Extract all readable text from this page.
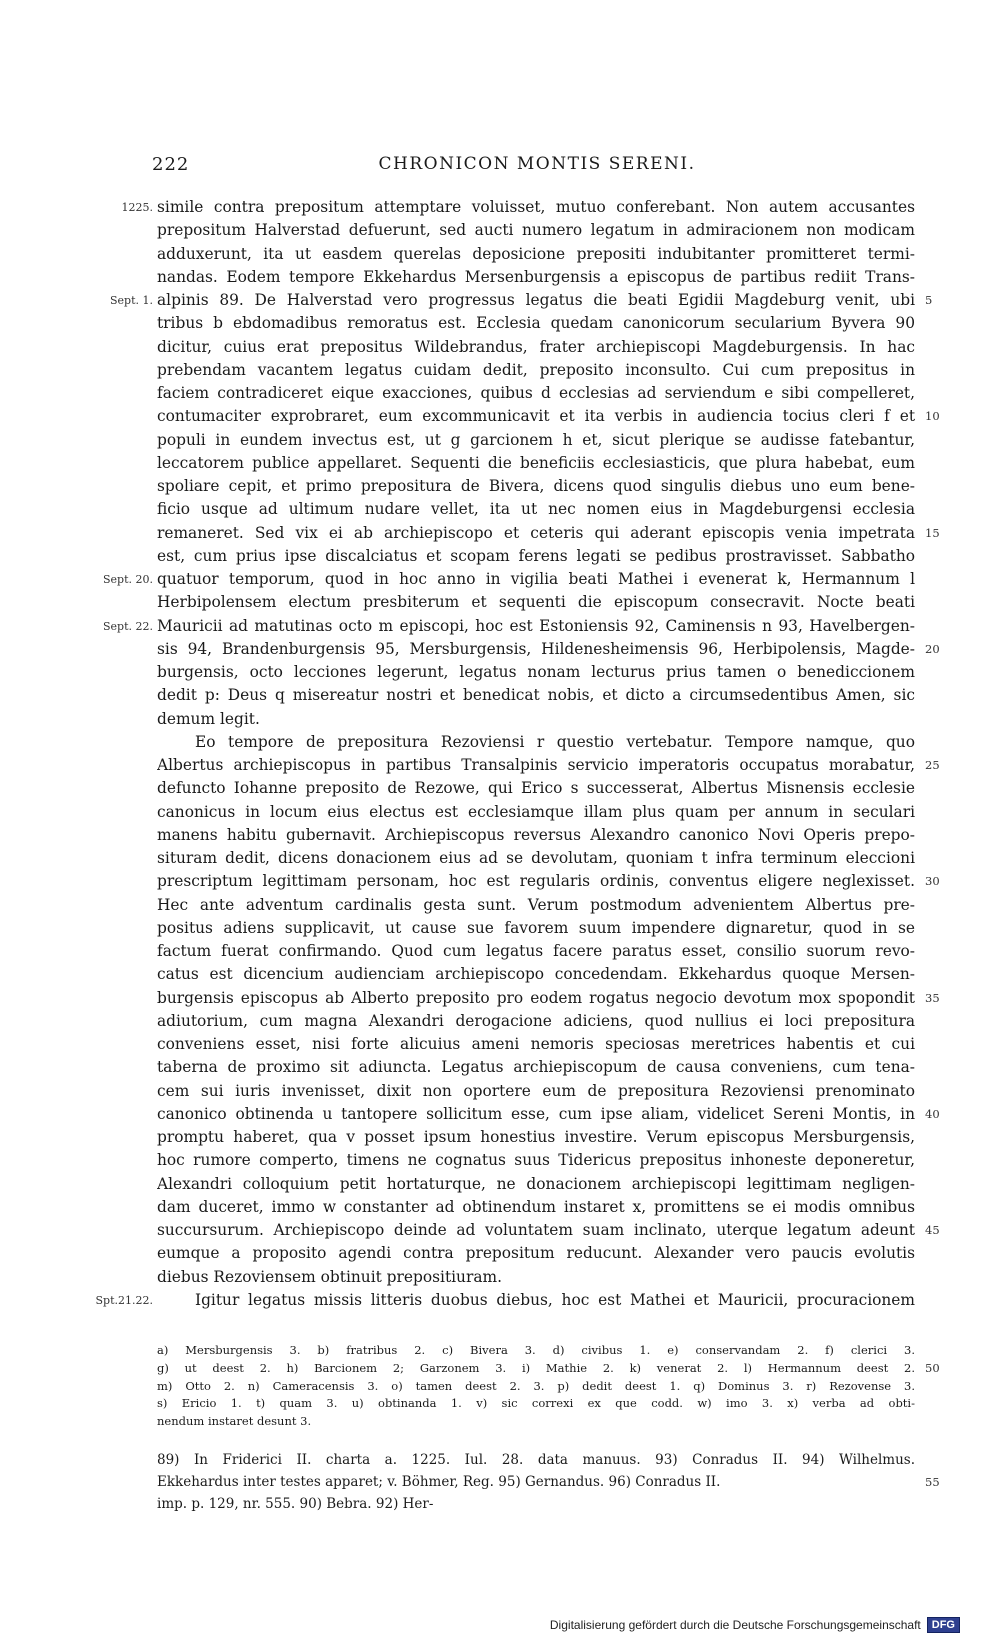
222	CHRONICON MONTIS SERENI.
simile contra prepositum attemptare voluisset, mutuo conferebant. Non autem accusantes
1225.
prepositum Halverstad defuerunt, sed aucti numero legatum in admiracionem non modicam
adduxerunt, ita ut easdem querelas deposicione prepositi indubitanter promitteret termi-
nandas. Eodem tempore Ekkehardus Mersenburgensis a episcopus de partibus rediit Trans-
alpinis 89. De Halverstad vero progressus legatus die beati Egidii Magdeburg venit, ubi
Sept. 1.	5
tribus b ebdomadibus remoratus est. Ecclesia quedam canonicorum secularium Byvera 90
dicitur, cuius erat prepositus Wildebrandus, frater archiepiscopi Magdeburgensis. In hac
prebendam vacantem legatus cuidam dedit, preposito inconsulto. Cui cum prepositus in
faciem contradiceret eique exacciones, quibus d ecclesias ad serviendum e sibi compelleret,
contumaciter exprobraret, eum excommunicavit et ita verbis in audiencia tocius cleri f et 10
populi in eundem invectus est, ut g garcionem h et, sicut plerique se audisse fatebantur,
leccatorem publice appellaret. Sequenti die beneficiis ecclesiasticis, que plura habebat, eum
spoliare cepit, et primo prepositura de Bivera, dicens quod singulis diebus uno eum bene-
ficio usque ad ultimum nudare vellet, ita ut nec nomen eius in Magdeburgensi ecclesia
remaneret. Sed vix ei ab archiepiscopo et ceteris qui aderant episcopis venia impetrata 15
est, cum prius ipse discalciatus et scopam ferens legati se pedibus prostravisset. Sabbatho
quatuor temporum, quod in hoc anno in vigilia beati Mathei i evenerat k, Hermannum l
Sept. 20.
Herbipolensem electum presbiterum et sequenti die episcopum consecravit. Nocte beati
Mauricii ad matutinas octo m episcopi, hoc est Estoniensis 92, Caminensis n 93, Havelbergen-
Sept. 22.
sis 94, Brandenburgensis 95, Mersburgensis, Hildenesheimensis 96, Herbipolensis, Magde- 20
burgensis, octo lecciones legerunt, legatus nonam lecturus prius tamen o benediccionem
dedit p: Deus q misereatur nostri et benedicat nobis, et dicto a circumsedentibus Amen, sic
demum legit.
Eo tempore de prepositura Rezoviensi r questio vertebatur. Tempore namque, quo
Albertus archiepiscopus in partibus Transalpinis servicio imperatoris occupatus morabatur, 25
defuncto Iohanne preposito de Rezowe, qui Erico s successerat, Albertus Misnensis ecclesie
canonicus in locum eius electus est ecclesiamque illam plus quam per annum in seculari
manens habitu gubernavit. Archiepiscopus reversus Alexandro canonico Novi Operis prepo-
situram dedit, dicens donacionem eius ad se devolutam, quoniam t infra terminum eleccioni
prescriptum legittimam personam, hoc est regularis ordinis, conventus eligere neglexisset. 30
Hec ante adventum cardinalis gesta sunt. Verum postmodum advenientem Albertus pre-
positus adiens supplicavit, ut cause sue favorem suum impendere dignaretur, quod in se
factum fuerat confirmando. Quod cum legatus facere paratus esset, consilio suorum revo-
catus est dicencium audienciam archiepiscopo concedendam. Ekkehardus quoque Mersen-
burgensis episcopus ab Alberto preposito pro eodem rogatus negocio devotum mox spopondit 35
adiutorium, cum magna Alexandri derogacione adiciens, quod nullius ei loci prepositura
conveniens esset, nisi forte alicuius ameni nemoris speciosas meretrices habentis et cui
taberna de proximo sit adiuncta. Legatus archiepiscopum de causa conveniens, cum tena-
cem sui iuris invenisset, dixit non oportere eum de prepositura Rezoviensi prenominato
canonico obtinenda u tantopere sollicitum esse, cum ipse aliam, videlicet Sereni Montis, in 40
promptu haberet, qua v posset ipsum honestius investire. Verum episcopus Mersburgensis,
hoc rumore comperto, timens ne cognatus suus Tidericus prepositus inhoneste deponeretur,
Alexandri colloquium petit hortaturque, ne donacionem archiepiscopi legittimam negligen-
dam duceret, immo w constanter ad obtinendum instaret x, promittens se ei modis omnibus
succursurum. Archiepiscopo deinde ad voluntatem suam inclinato, uterque legatum adeunt 45
eumque a proposito agendi contra prepositum reducunt. Alexander vero paucis evolutis
diebus Rezoviensem obtinuit prepositiuram.
Igitur legatus missis litteris duobus diebus, hoc est Mathei et Mauricii, procuracionem
Spt.21.22.
a) Mersburgensis 3. b) fratribus 2. c) Bivera 3. d) civibus 1. e) conservandam 2. f) clerici 3.
g) ut deest 2. h) Barcionem 2; Garzonem 3. i) Mathie 2. k) venerat 2. l) Hermannum deest 2. 50
m) Otto 2. n) Cameracensis 3. o) tamen deest 2. 3. p) dedit deest 1. q) Dominus 3. r) Rezovense 3.
s) Ericio 1. t) quam 3. u) obtinanda 1. v) sic correxi ex que codd. w) imo 3. x) verba ad obti-
nendum instaret desunt 3.
89) In Friderici II. charta a. 1225. Iul. 28. data manuus. 93) Conradus II. 94) Wilhelmus.
Ekkehardus inter testes apparet; v. Böhmer, Reg. 95) Gernandus. 96) Conradus II.	55
imp. p. 129, nr. 555. 90) Bebra. 92) Her-
Digitalisierung gefördert durch die Deutsche Forschungsgemeinschaft	DFG
